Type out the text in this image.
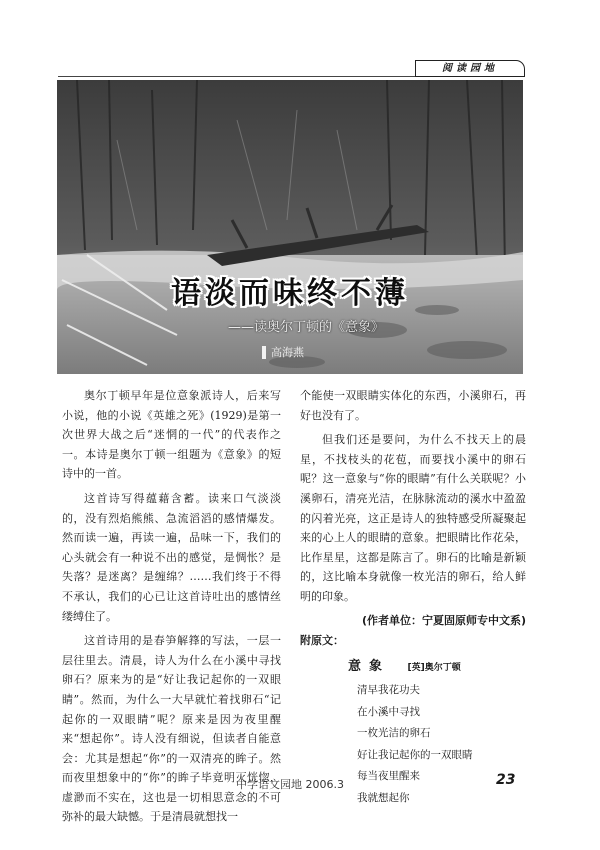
阅读园地
语淡而味终不薄
——读奥尔丁顿的《意象》
高海燕

奥尔丁顿早年是位意象派诗人，后来写小说，他的小说《英雄之死》(1929)是第一次世界大战之后“迷惘的一代”的代表作之一。本诗是奥尔丁顿一组题为《意象》的短诗中的一首。

这首诗写得蕴藉含蓄。读来口气淡淡的，没有烈焰熊熊、急流滔滔的感情爆发。然而读一遍，再读一遍，品味一下，我们的心头就会有一种说不出的感觉，是惆怅？是失落？是迷离？是缠绵？……我们终于不得不承认，我们的心已让这首诗吐出的感情丝缕缚住了。

这首诗用的是春笋解箨的写法，一层一层往里去。清晨，诗人为什么在小溪中寻找卵石？原来为的是“好让我记起你的一双眼睛”。然而，为什么一大早就忙着找卵石“记起你的一双眼睛”呢？原来是因为夜里醒来“想起你”。诗人没有细说，但读者自能意会：尤其是想起“你”的一双清亮的眸子。然而夜里想象中的“你”的眸子毕竟明灭恍惚，虚渺而不实在，这也是一切相思意念的不可弥补的最大缺憾。于是清晨就想找一

个能使一双眼睛实体化的东西，小溪卵石，再好也没有了。

但我们还是要问，为什么不找天上的晨星，不找枝头的花苞，而要找小溪中的卵石呢？这一意象与“你的眼睛”有什么关联呢？小溪卵石，清亮光洁，在脉脉流动的溪水中盈盈的闪着光亮，这正是诗人的独特感受所凝聚起来的心上人的眼睛的意象。把眼睛比作花朵，比作星星，这都是陈言了。卵石的比喻是新颖的，这比喻本身就像一枚光洁的卵石，给人鲜明的印象。

(作者单位：宁夏固原师专中文系)
附原文：
意象 [英]奥尔丁顿
清早我花功夫
在小溪中寻找
一枚光洁的卵石
好让我记起你的一双眼睛
每当夜里醒来
我就想起你
中学语文园地 2006.3	23
